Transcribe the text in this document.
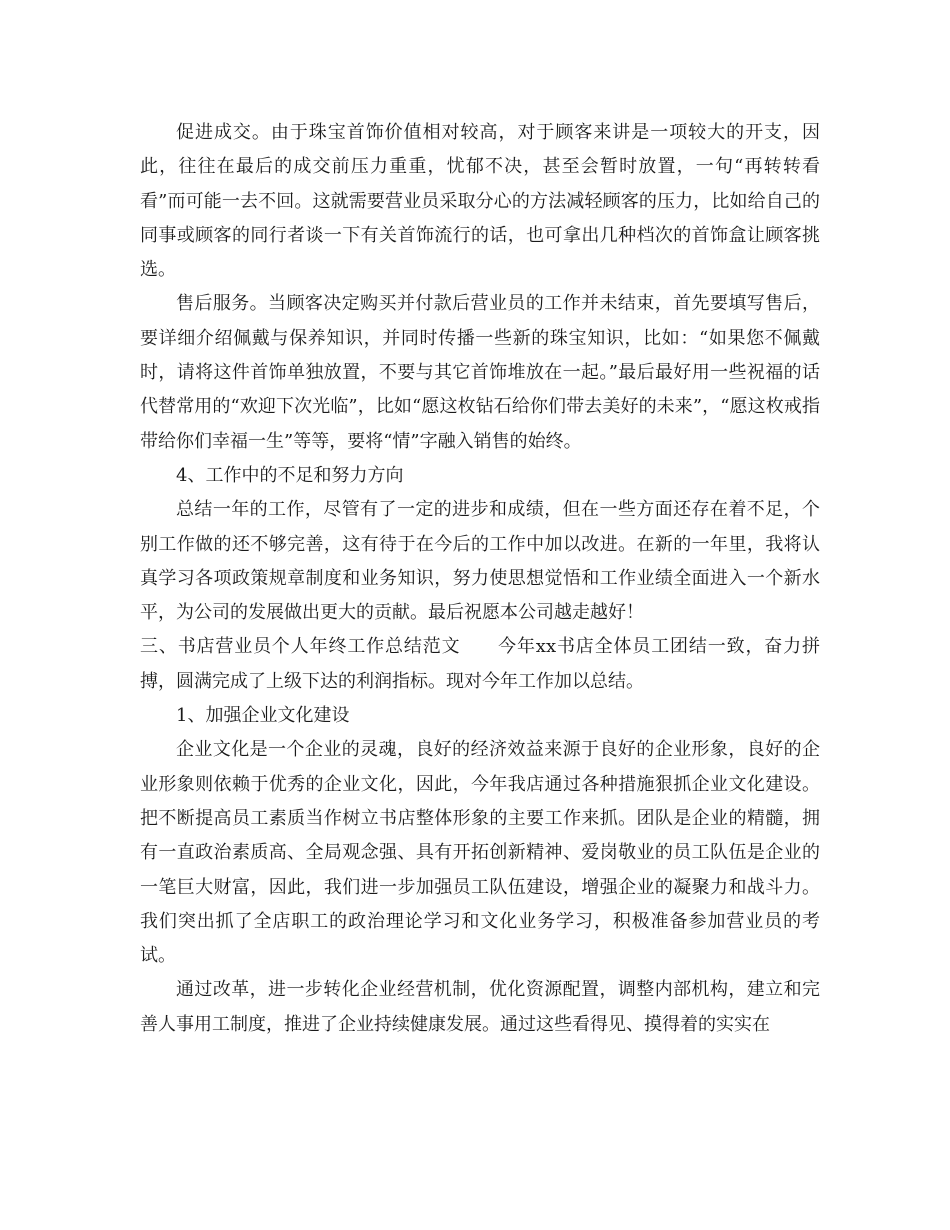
促进成交。由于珠宝首饰价值相对较高，对于顾客来讲是一项较大的开支，因此，往往在最后的成交前压力重重，忧郁不决，甚至会暂时放置，一句“再转转看看”而可能一去不回。这就需要营业员采取分心的方法减轻顾客的压力，比如给自己的同事或顾客的同行者谈一下有关首饰流行的话，也可拿出几种档次的首饰盒让顾客挑选。

售后服务。当顾客决定购买并付款后营业员的工作并未结束，首先要填写售后，要详细介绍佩戴与保养知识，并同时传播一些新的珠宝知识，比如：“如果您不佩戴时，请将这件首饰单独放置，不要与其它首饰堆放在一起。”最后最好用一些祝福的话代替常用的“欢迎下次光临”，比如“愿这枚钻石给你们带去美好的未来”，“愿这枚戒指带给你们幸福一生”等等，要将“情”字融入销售的始终。

4、工作中的不足和努力方向

总结一年的工作，尽管有了一定的进步和成绩，但在一些方面还存在着不足，个别工作做的还不够完善，这有待于在今后的工作中加以改进。在新的一年里，我将认真学习各项政策规章制度和业务知识，努力使思想觉悟和工作业绩全面进入一个新水平，为公司的发展做出更大的贡献。最后祝愿本公司越走越好！

三、书店营业员个人年终工作总结范文　　今年xx书店全体员工团结一致，奋力拼搏，圆满完成了上级下达的利润指标。现对今年工作加以总结。

1、加强企业文化建设

企业文化是一个企业的灵魂，良好的经济效益来源于良好的企业形象，良好的企业形象则依赖于优秀的企业文化，因此，今年我店通过各种措施狠抓企业文化建设。把不断提高员工素质当作树立书店整体形象的主要工作来抓。团队是企业的精髓，拥有一直政治素质高、全局观念强、具有开拓创新精神、爱岗敬业的员工队伍是企业的一笔巨大财富，因此，我们进一步加强员工队伍建设，增强企业的凝聚力和战斗力。我们突出抓了全店职工的政治理论学习和文化业务学习，积极准备参加营业员的考试。

通过改革，进一步转化企业经营机制，优化资源配置，调整内部机构，建立和完善人事用工制度，推进了企业持续健康发展。通过这些看得见、摸得着的实实在
